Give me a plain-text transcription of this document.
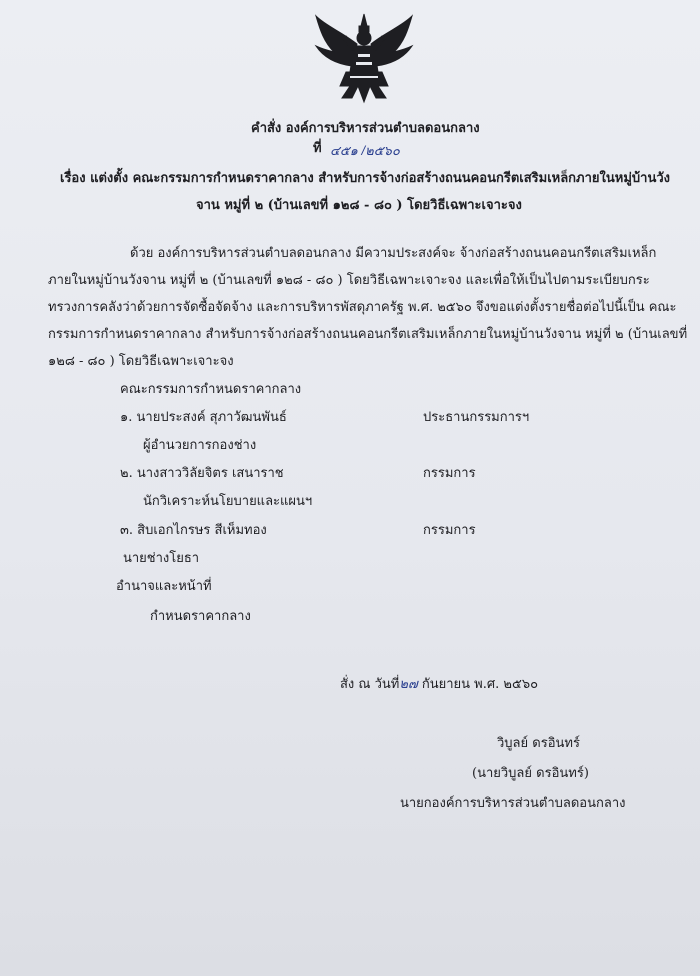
คำสั่ง องค์การบริหารส่วนตำบลดอนกลาง
ที่ ๔๕๑ /๒๕๖๐
เรื่อง แต่งตั้ง คณะกรรมการกำหนดราคากลาง สำหรับการจ้างก่อสร้างถนนคอนกรีตเสริมเหล็กภายในหมู่บ้านวัง
จาน หมู่ที่ ๒ (บ้านเลขที่ ๑๒๘ - ๘๐ ) โดยวิธีเฉพาะเจาะจง
ด้วย องค์การบริหารส่วนตำบลดอนกลาง มีความประสงค์จะ จ้างก่อสร้างถนนคอนกรีตเสริมเหล็ก
ภายในหมู่บ้านวังจาน หมู่ที่ ๒ (บ้านเลขที่ ๑๒๘ - ๘๐ ) โดยวิธีเฉพาะเจาะจง และเพื่อให้เป็นไปตามระเบียบกระ
ทรวงการคลังว่าด้วยการจัดซื้อจัดจ้าง และการบริหารพัสดุภาครัฐ พ.ศ. ๒๕๖๐ จึงขอแต่งตั้งรายชื่อต่อไปนี้เป็น คณะ
กรรมการกำหนดราคากลาง สำหรับการจ้างก่อสร้างถนนคอนกรีตเสริมเหล็กภายในหมู่บ้านวังจาน หมู่ที่ ๒ (บ้านเลขที่
๑๒๘ - ๘๐ ) โดยวิธีเฉพาะเจาะจง
คณะกรรมการกำหนดราคากลาง
๑. นายประสงค์ สุภาวัฒนพันธ์	ประธานกรรมการฯ
ผู้อำนวยการกองช่าง
๒. นางสาววิลัยจิตร เสนาราช	กรรมการ
นักวิเคราะห์นโยบายและแผนฯ
๓. สิบเอกไกรษร สีเห็มทอง	กรรมการ
นายช่างโยธา
อำนาจและหน้าที่
กำหนดราคากลาง
สั่ง ณ วันที่๒๗ กันยายน พ.ศ. ๒๕๖๐
วิบูลย์ ดรอินทร์
(นายวิบูลย์ ดรอินทร์)
นายกองค์การบริหารส่วนตำบลดอนกลาง
